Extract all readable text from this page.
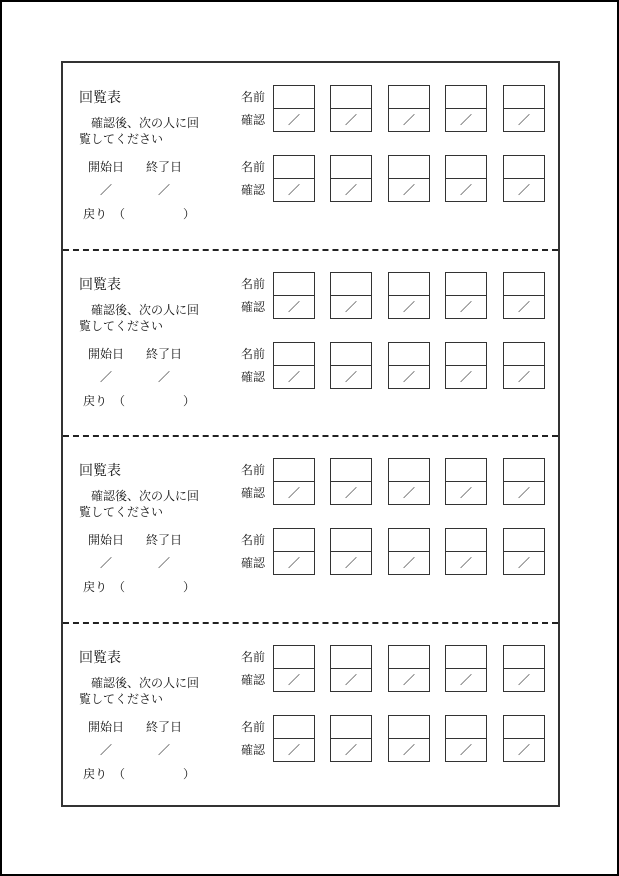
回覧表
確認後、次の人に回
覧してください
開始日 終了日
／	／
戻り  （	）
名前
確認	／	／	／	／	／
名前
確認	／	／	／	／	／
回覧表
確認後、次の人に回
覧してください
開始日 終了日
／	／
戻り  （	）
名前
確認	／	／	／	／	／
名前
確認	／	／	／	／	／
回覧表
確認後、次の人に回
覧してください
開始日 終了日
／	／
戻り  （	）
名前
確認	／	／	／	／	／
名前
確認	／	／	／	／	／
回覧表
確認後、次の人に回
覧してください
開始日 終了日
／	／
戻り  （	）
名前
確認	／	／	／	／	／
名前
確認	／	／	／	／	／
